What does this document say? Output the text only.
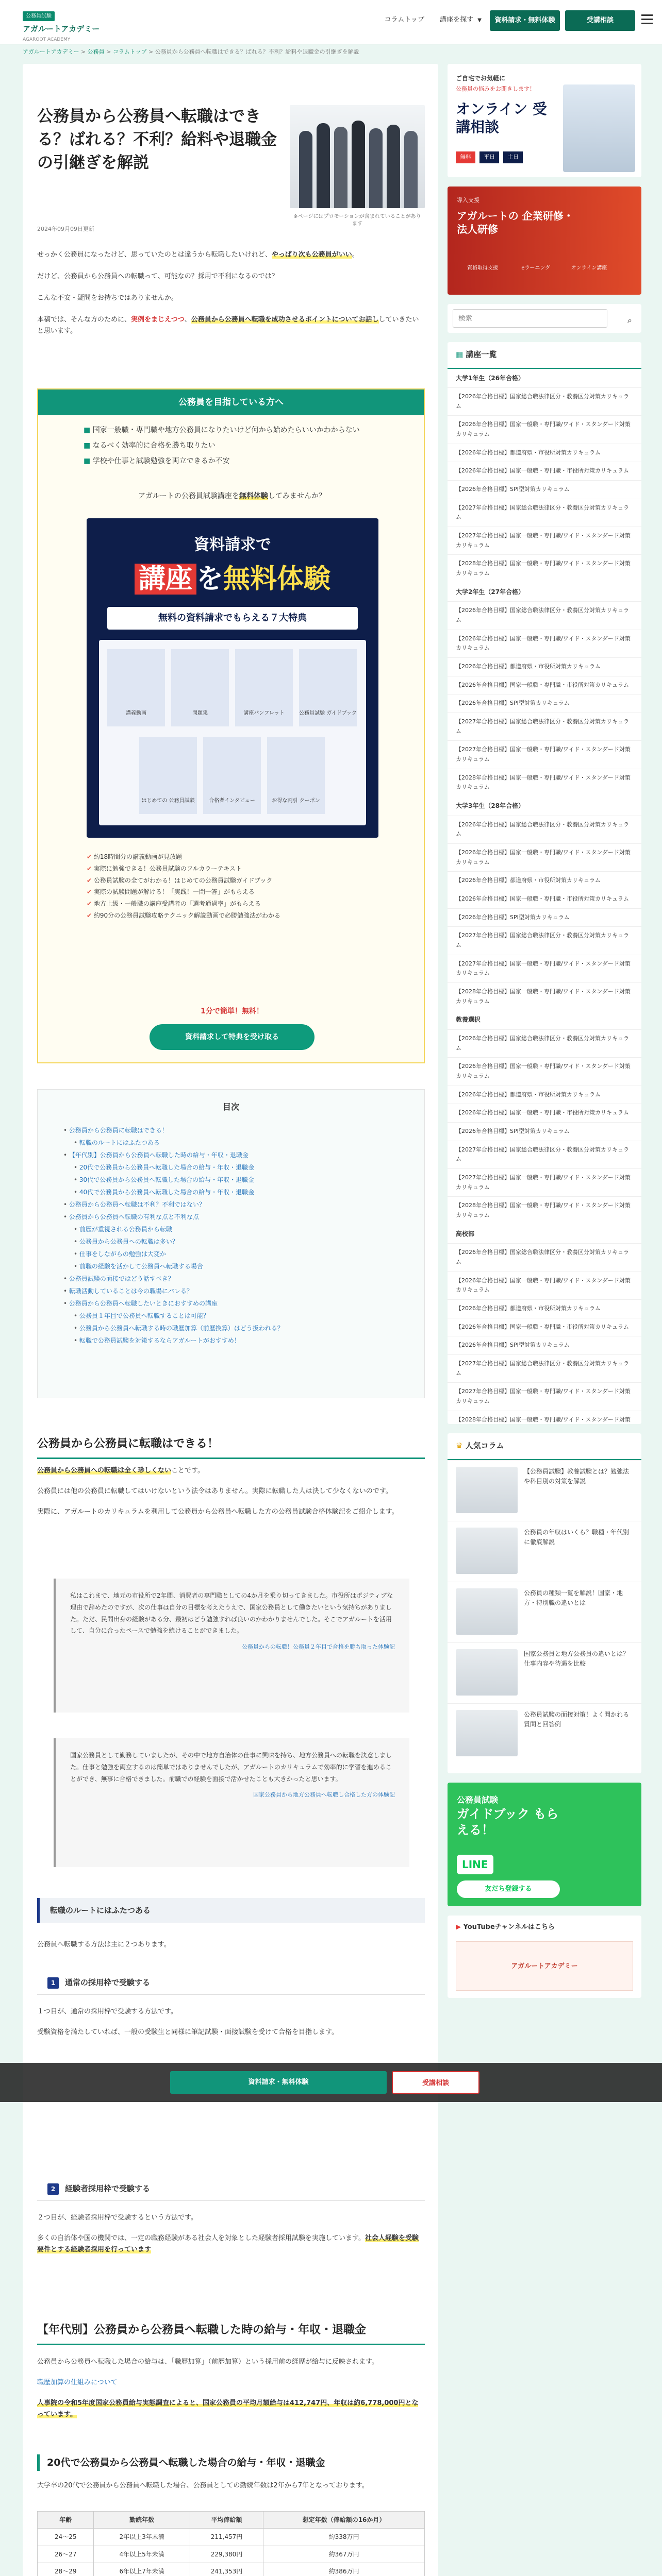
公務員試験
アガルートアカデミー
AGAROOT ACADEMY
コラムトップ 講座を探す ▼	資料請求・無料体験	受講相談
アガルートアカデミー > 公務員 > コラムトップ > 公務員から公務員へ転職はできる？ばれる？不利？給料や退職金の引継ぎを解説
公務員から公務員へ転職はできる？ばれる？不利？給料や退職金の引継ぎを解説
2024年09月09日更新
※ページにはプロモーションが含まれていることがあります

せっかく公務員になったけど、思っていたのとは違うから転職したいけれど、やっぱり次も公務員がいい。

だけど、公務員から公務員への転職って、可能なの？採用で不利になるのでは？

こんな不安・疑問をお持ちではありませんか。

本稿では、そんな方のために、実例をまじえつつ、公務員から公務員へ転職を成功させるポイントについてお話ししていきたいと思います。

公務員を目指している方へ
■ 国家一般職・専門職や地方公務員になりたいけど何から始めたらいいかわからない
■ なるべく効率的に合格を勝ち取りたい
■ 学校や仕事と試験勉強を両立できるか不安
アガルートの公務員試験講座を無料体験してみませんか？
資料請求で
講座 を無料体験
無料の資料請求でもらえる７大特典
講義動画	問題集	講座パンフレット	公務員試験 ガイドブック
はじめての 公務員試験	合格者インタビュー	お得な割引 クーポン
✔ 約18時間分の講義動画が見放題
✔ 実際に勉強できる！公務員試験のフルカラーテキスト
✔ 公務員試験の全てがわかる！はじめての公務員試験ガイドブック
✔ 実際の試験問題が解ける！「実践！一問一答」がもらえる
✔ 地方上級・一般職の講座受講者の「選考通過率」がもらえる
✔ 約90分の公務員試験攻略テクニック解説動画で必勝勉強法がわかる
1分で簡単！無料！
資料請求して特典を受け取る
目次
• 公務員から公務員に転職はできる！
• 転職のルートにはふたつある
• 【年代別】公務員から公務員へ転職した時の給与・年収・退職金
• 20代で公務員から公務員へ転職した場合の給与・年収・退職金
• 30代で公務員から公務員へ転職した場合の給与・年収・退職金
• 40代で公務員から公務員へ転職した場合の給与・年収・退職金
• 公務員から公務員へ転職は不利？不利ではない？
• 公務員から公務員へ転職の有利な点と不利な点
• 前歴が重視される公務員から転職
• 公務員から公務員への転職は多い？
• 仕事をしながらの勉強は大変か
• 前職の経験を活かして公務員へ転職する場合
• 公務員試験の面接ではどう話すべき？
• 転職活動していることは今の職場にバレる？
• 公務員から公務員へ転職したいときにおすすめの講座
• 公務員１年目で公務員へ転職することは可能？
• 公務員から公務員へ転職する時の職歴加算（前歴換算）はどう扱われる？
• 転職で公務員試験を対策するならアガルートがおすすめ！
公務員から公務員に転職はできる！

公務員から公務員への転職は全く珍しくないことです。

公務員には他の公務員に転職してはいけないという法令はありません。実際に転職した人は決して少なくないのです。

実際に、アガルートのカリキュラムを利用して公務員から公務員へ転職した方の公務員試験合格体験記をご紹介します。

私はこれまで、地元の市役所で2年間、消費者の専門職としての4か月を乗り切ってきました。市役所はポジティブな理由で辞めたのですが、次の仕事は自分の目標を考えたうえで、国家公務員として働きたいという気持ちがありました。ただ、民間出身の経験がある分、最初はどう勉強すれば良いのかわかりませんでした。そこでアガルートを活用して、自分に合ったペースで勉強を続けることができました。
公務員からの転職！公務員２年目で合格を勝ち取った体験記
国家公務員として勤務していましたが、その中で地方自治体の仕事に興味を持ち、地方公務員への転職を決意しました。仕事と勉強を両立するのは簡単ではありませんでしたが、アガルートのカリキュラムで効率的に学習を進めることができ、無事に合格できました。前職での経験を面接で活かせたことも大きかったと思います。
国家公務員から地方公務員へ転職し合格した方の体験記
転職のルートにはふたつある
公務員へ転職する方法は主に２つあります。
1 通常の採用枠で受験する

１つ目が、通常の採用枠で受験する方法です。

受験資格を満たしていれば、一般の受験生と同様に筆記試験・面接試験を受けて合格を目指します。

2 経験者採用枠で受験する

２つ目が、経験者採用枠で受験するという方法です。

多くの自治体や国の機関では、一定の職務経験がある社会人を対象とした経験者採用試験を実施しています。社会人経験を受験要件とする経験者採用を行っています

【年代別】公務員から公務員へ転職した時の給与・年収・退職金

公務員から公務員へ転職した場合の給与は、「職歴加算」（前歴加算）という採用前の経歴が給与に反映されます。

職歴加算の仕組みについて

人事院の令和5年度国家公務員給与実態調査によると、国家公務員の平均月額給与は412,747円、年収は約6,778,000円となっています。

20代で公務員から公務員へ転職した場合の給与・年収・退職金
大学卒の20代で公務員から公務員へ転職した場合、公務員としての勤続年数は2年から7年となっております。
年齢	勤続年数	平均俸給額	想定年数（俸給額の16か月）
24〜25	2年以上3年未満	211,457円	約338万円
26〜27	4年以上5年未満	229,380円	約367万円
28〜29	6年以上7年未満	241,353円	約386万円

ご自宅でお気軽に
公務員の悩みをお聞きします！
オンライン 受講相談
無料 平日 土日
導入支援
アガルートの 企業研修・法人研修
資格取得支援	eラーニング	オンライン講座
検索
⌕
▦ 講座一覧
大学1年生（26年合格）
【2026年合格目標】国家総合職法律区分・教養区分対策カリキュラム
【2026年合格目標】国家一般職・専門職/ワイド・スタンダード対策カリキュラム
【2026年合格目標】都道府県・市役所対策カリキュラム
【2026年合格目標】国家一般職・専門職・市役所対策カリキュラム
【2026年合格目標】SPI型対策カリキュラム
【2027年合格目標】国家総合職法律区分・教養区分対策カリキュラム
【2027年合格目標】国家一般職・専門職/ワイド・スタンダード対策カリキュラム
【2028年合格目標】国家一般職・専門職/ワイド・スタンダード対策カリキュラム
大学2年生（27年合格）
【2026年合格目標】国家総合職法律区分・教養区分対策カリキュラム
【2026年合格目標】国家一般職・専門職/ワイド・スタンダード対策カリキュラム
【2026年合格目標】都道府県・市役所対策カリキュラム
【2026年合格目標】国家一般職・専門職・市役所対策カリキュラム
【2026年合格目標】SPI型対策カリキュラム
【2027年合格目標】国家総合職法律区分・教養区分対策カリキュラム
【2027年合格目標】国家一般職・専門職/ワイド・スタンダード対策カリキュラム
【2028年合格目標】国家一般職・専門職/ワイド・スタンダード対策カリキュラム
大学3年生（28年合格）
【2026年合格目標】国家総合職法律区分・教養区分対策カリキュラム
【2026年合格目標】国家一般職・専門職/ワイド・スタンダード対策カリキュラム
【2026年合格目標】都道府県・市役所対策カリキュラム
【2026年合格目標】国家一般職・専門職・市役所対策カリキュラム
【2026年合格目標】SPI型対策カリキュラム
【2027年合格目標】国家総合職法律区分・教養区分対策カリキュラム
【2027年合格目標】国家一般職・専門職/ワイド・スタンダード対策カリキュラム
【2028年合格目標】国家一般職・専門職/ワイド・スタンダード対策カリキュラム
教養選択
【2026年合格目標】国家総合職法律区分・教養区分対策カリキュラム
【2026年合格目標】国家一般職・専門職/ワイド・スタンダード対策カリキュラム
【2026年合格目標】都道府県・市役所対策カリキュラム
【2026年合格目標】国家一般職・専門職・市役所対策カリキュラム
【2026年合格目標】SPI型対策カリキュラム
【2027年合格目標】国家総合職法律区分・教養区分対策カリキュラム
【2027年合格目標】国家一般職・専門職/ワイド・スタンダード対策カリキュラム
【2028年合格目標】国家一般職・専門職/ワイド・スタンダード対策カリキュラム
高校部
【2026年合格目標】国家総合職法律区分・教養区分対策カリキュラム
【2026年合格目標】国家一般職・専門職/ワイド・スタンダード対策カリキュラム
【2026年合格目標】都道府県・市役所対策カリキュラム
【2026年合格目標】国家一般職・専門職・市役所対策カリキュラム
【2026年合格目標】SPI型対策カリキュラム
【2027年合格目標】国家総合職法律区分・教養区分対策カリキュラム
【2027年合格目標】国家一般職・専門職/ワイド・スタンダード対策カリキュラム
【2028年合格目標】国家一般職・専門職/ワイド・スタンダード対策
♛ 人気コラム
【公務員試験】教養試験とは？勉強法や科目別の対策を解説
公務員の年収はいくら？職種・年代別に徹底解説
公務員の種類一覧を解説！国家・地方・特別職の違いとは
国家公務員と地方公務員の違いとは？仕事内容や待遇を比較
公務員試験の面接対策！よく聞かれる質問と回答例
公務員試験
ガイドブック もらえる！
LINE
友だち登録する
▶ YouTubeチャンネルはこちら
アガルートアカデミー
資料請求・無料体験	受講相談
